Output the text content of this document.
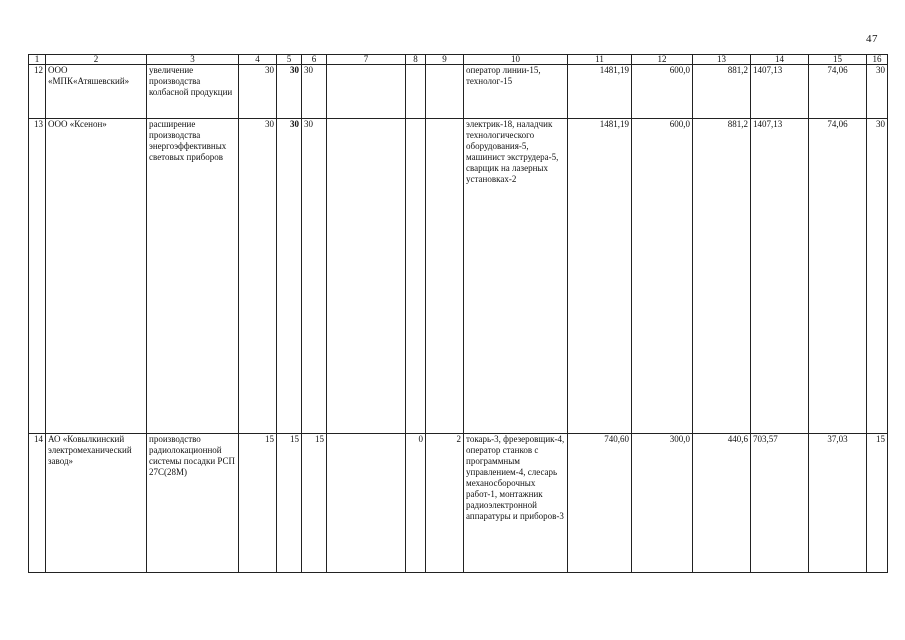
47
1	2	3	4	5	6	7	8	9	10	11	12	13	14	15	16
12	ООО «МПК«Атяшевский»	увеличение производства колбасной продукции	30	30	30				оператор линии-15, технолог-15	1481,19	600,0	881,2	1407,13	74,06	30
13	ООО «Ксенон»	расширение производства энергоэффективных световых приборов	30	30	30				электрик-18, наладчик технологического оборудования-5, машинист экструдера-5, сварщик на лазерных установках-2	1481,19	600,0	881,2	1407,13	74,06	30
14	АО «Ковылкинский электромеханический завод»	производство радиолокационной системы посадки РСП 27С(28М)	15	15	15		0	2	токарь-3, фрезеровщик-4, оператор станков с программным управлением-4, слесарь механосборочных работ-1, монтажник радиоэлектронной аппаратуры и приборов-3	740,60	300,0	440,6	703,57	37,03	15
